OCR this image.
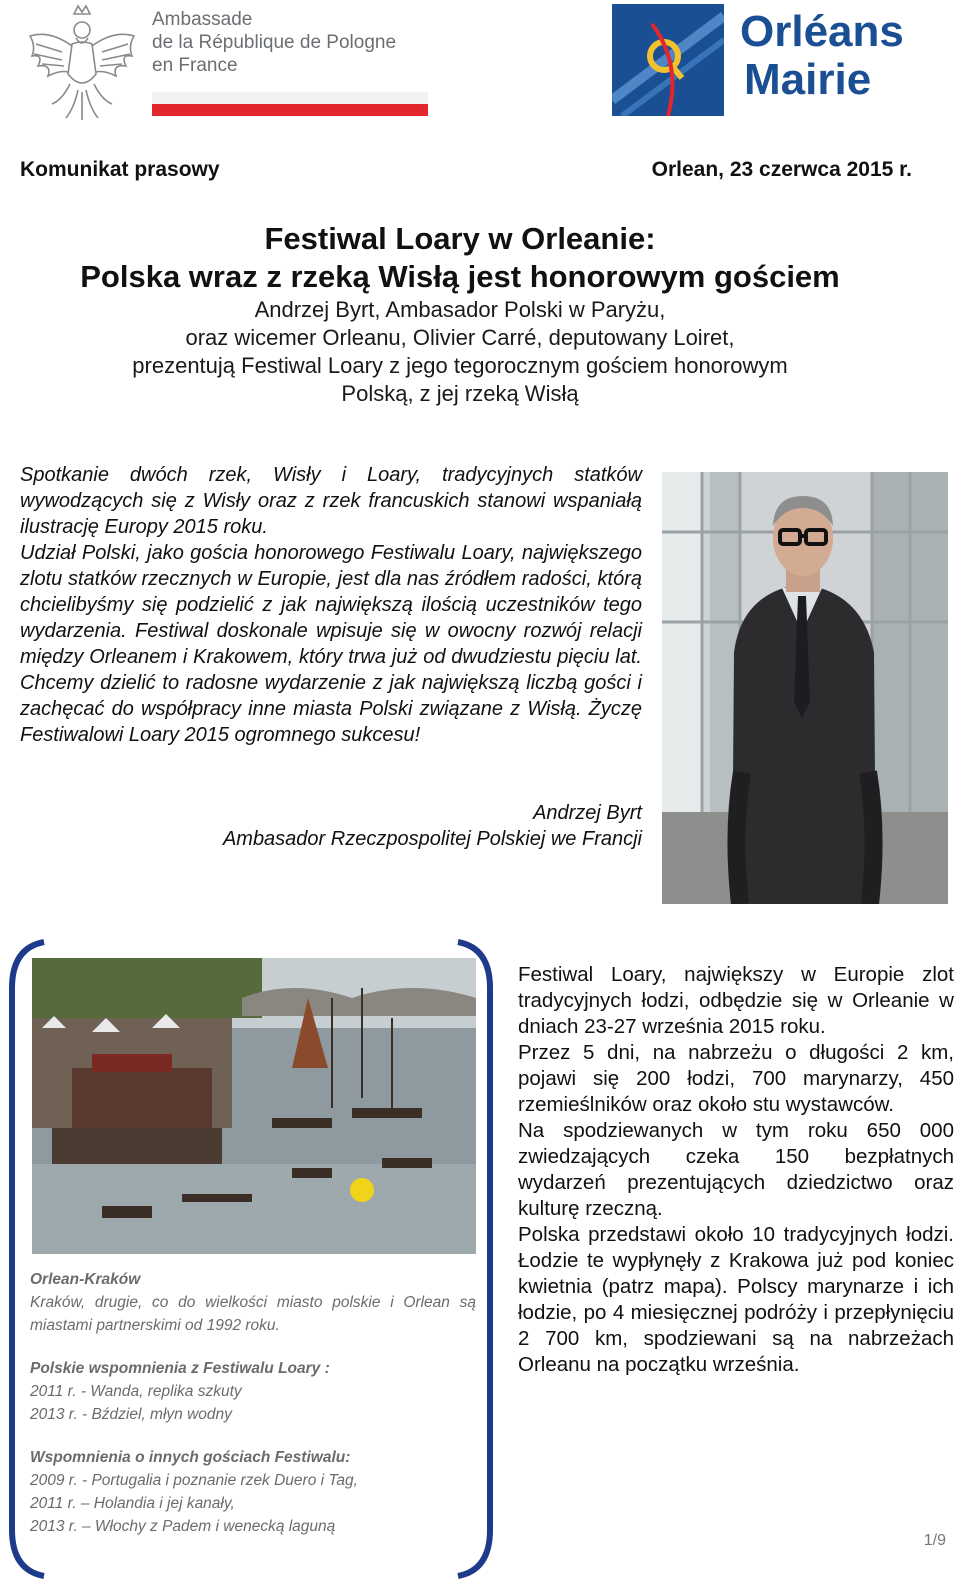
Ambassade
de la République de Pologne
en France
Orléans
Mairie
Komunikat prasowy	Orlean, 23 czerwca 2015 r.
Festiwal Loary w Orleanie:
Polska wraz z rzeką Wisłą jest honorowym gościem
Andrzej Byrt, Ambasador Polski w Paryżu,
oraz wicemer Orleanu, Olivier Carré, deputowany Loiret,
prezentują Festiwal Loary z jego tegorocznym gościem honorowym
Polską, z jej rzeką Wisłą

Spotkanie dwóch rzek, Wisły i Loary, tradycyjnych statków wywodzących się z Wisły oraz z rzek francuskich stanowi wspaniałą ilustrację Europy 2015 roku.

Udział Polski, jako gościa honorowego Festiwalu Loary, największego zlotu statków rzecznych w Europie, jest dla nas źródłem radości, którą chcielibyśmy się podzielić z jak największą ilością uczestników tego wydarzenia. Festiwal doskonale wpisuje się w owocny rozwój relacji między Orleanem i Krakowem, który trwa już od dwudziestu pięciu lat. Chcemy dzielić to radosne wydarzenie z jak największą liczbą gości i zachęcać do współpracy inne miasta Polski związane z Wisłą. Życzę Festiwalowi Loary 2015 ogromnego sukcesu!

Andrzej Byrt
Ambasador Rzeczpospolitej Polskiej we Francji
Orlean-Kraków
Kraków, drugie, co do wielkości miasto polskie i Orlean są miastami partnerskimi od 1992 roku.
Polskie wspomnienia z Festiwalu Loary :
2011 r. - Wanda, replika szkuty
2013 r. - Bździel, młyn wodny
Wspomnienia o innych gościach Festiwalu:
2009 r. - Portugalia i poznanie rzek Duero i Tag,
2011 r. – Holandia i jej kanały,
2013 r. – Włochy z Padem i wenecką laguną

Festiwal Loary, największy w Europie zlot tradycyjnych łodzi, odbędzie się w Orleanie w dniach 23-27 września 2015 roku.

Przez 5 dni, na nabrzeżu o długości 2 km, pojawi się 200 łodzi, 700 marynarzy, 450 rzemieślników oraz około stu wystawców.

Na spodziewanych w tym roku 650 000 zwiedzających czeka 150 bezpłatnych wydarzeń prezentujących dziedzictwo oraz kulturę rzeczną.

Polska przedstawi około 10 tradycyjnych łodzi. Łodzie te wypłynęły z Krakowa już pod koniec kwietnia (patrz mapa). Polscy marynarze i ich łodzie, po 4 miesięcznej podróży i przepłynięciu 2 700 km, spodziewani są na nabrzeżach Orleanu na początku września.

1/9
